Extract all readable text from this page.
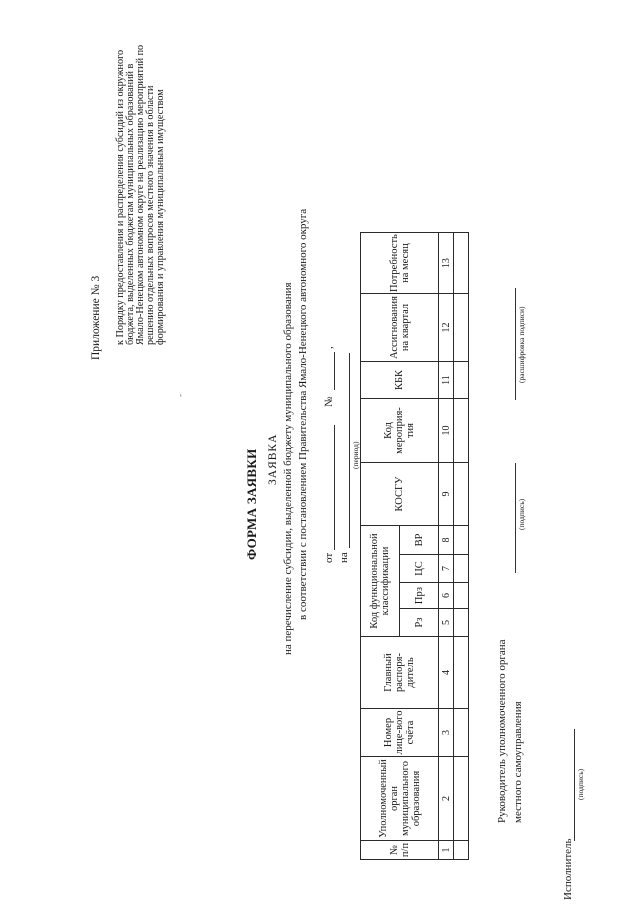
Приложение № 3 к Порядку предоставления и распределения субсидий из окружного бюджета, выделенных бюджетам муниципальных образований в Ямало-Ненецком автономном округе на реализацию мероприятий по решению отдельных вопросов местного значения в области формирования и управления муниципальным имуществом
-
ФОРМА ЗАЯВКИ ЗАЯВКА на перечисление субсидии, выделенной бюджету муниципального образования в соответствии с постановлением Правительства Ямало-Ненецкого автономного округа от
№
,
на
(период)
№ п/п	Уполномоченный орган муниципального образования	Номер лице-вого счёта	Главный распоря-дитель	Код функциональной классификации				КОСГУ	Код мероприя-тия	КБК	Ассигнования на квартал	Потребность на месяц
				Рз	Прз	ЦС	ВР					
1	2	3	4	5	6	7	8	9	10	11	12	13

Руководитель уполномоченного органа местного самоуправления
(подпись)
(расшифровка подписи)
Исполнитель
(подпись)
